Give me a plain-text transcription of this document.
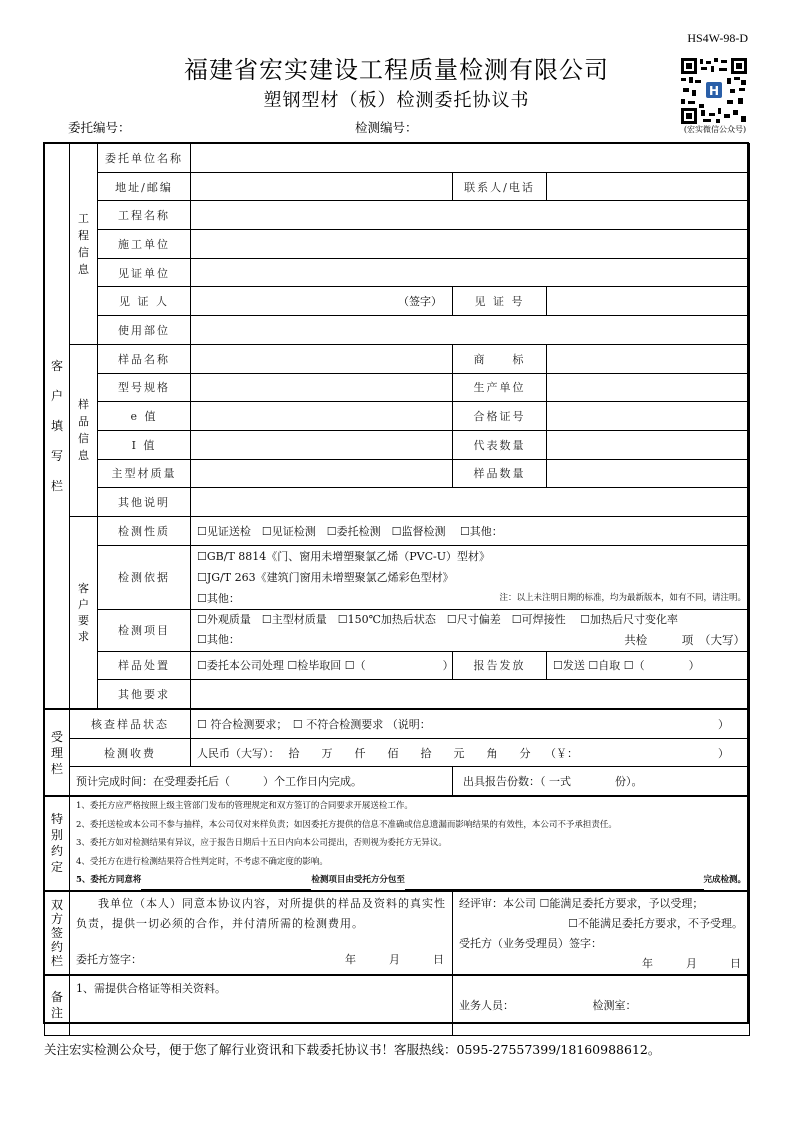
HS4W-98-D
福建省宏实建设工程质量检测有限公司
塑钢型材（板）检测委托协议书	H
(宏实微信公众号)
委托编号：	检测编号：
客
户
填
写
栏	工
程
信
息	委托单位名称			
		地址/邮编		联系人/电话	
		工程名称			
		施工单位			
		见证单位			
		见 证 人	（签字）	见 证 号	
		使用部位			

	样
品
信
息	样品名称		商　　标	
		型号规格		生产单位	
		e 值		合格证号	
		I 值		代表数量	
		主型材质量		样品数量	
		其他说明			

	客
户
要
求	检测性质	☐见证送检　☐见证检测　☐委托检测　☐监督检测　 ☐其他：		
		检测依据	☐GB/T 8814《门、窗用未增塑聚氯乙烯（PVC-U）型材》
☐JG/T 263《建筑门窗用未增塑聚氯乙烯彩色型材》
☐其他： 注：以上未注明日期的标准，均为最新版本，如有不同，请注明。		

		检测项目	☐外观质量　☐主型材质量　☐150℃加热后状态　☐尺寸偏差　☐可焊接性　 ☐加热后尺寸变化率
☐其他： 共检　　　项　（大写）		

		样品处置	☐委托本公司处理 ☐检毕取回 ☐（　　　　　　　）	报告发放	☐发送 ☐自取 ☐（　　　　）
		其他要求			

受
理
栏	核查样品状态		☐ 符合检测要求；　☐ 不符合检测要求 （说明： ）		

	检测收费		人民币（大写）：　 拾　　万　　仟　　佰　　拾　　元　　角　　分　 （￥： ）		

	预计完成时间：在受理委托后（　　　）个工作日内完成。			出具报告份数：（ 一式　　　　份）。	

特
别
约
定

1、委托方应严格按照上级主管部门发布的管理规定和双方签订的合同要求开展送检工作。
2、委托送检或本公司不参与抽样，本公司仅对来样负责；如因委托方提供的信息不准确或信息遗漏而影响结果的有效性，本公司不予承担责任。
3、委托方如对检测结果有异议，应于报告日期后十五日内向本公司提出，否则视为委托方无异议。
4、受托方在进行检测结果符合性判定时，不考虑不确定度的影响。
5、委托方同意将	检测项目由受托方分包至	完成检测。

双
方
签
约
栏

我单位（本人）同意本协议内容，对所提供的样品及资料的真实性负责，提供一切必须的合作，并付清所需的检测费用。
委托方签字：	年　　　月　　　日

经评审：本公司 ☐能满足委托方要求，予以受理；
☐不能满足委托方要求，不予受理。
受托方（业务受理员）签字：
年　　　月　　　日

备
注	1、需提供合格证等相关资料。			业务人员： 检测室：	
关注宏实检测公众号，便于您了解行业资讯和下载委托协议书！客服热线：0595-27557399/18160988612。
